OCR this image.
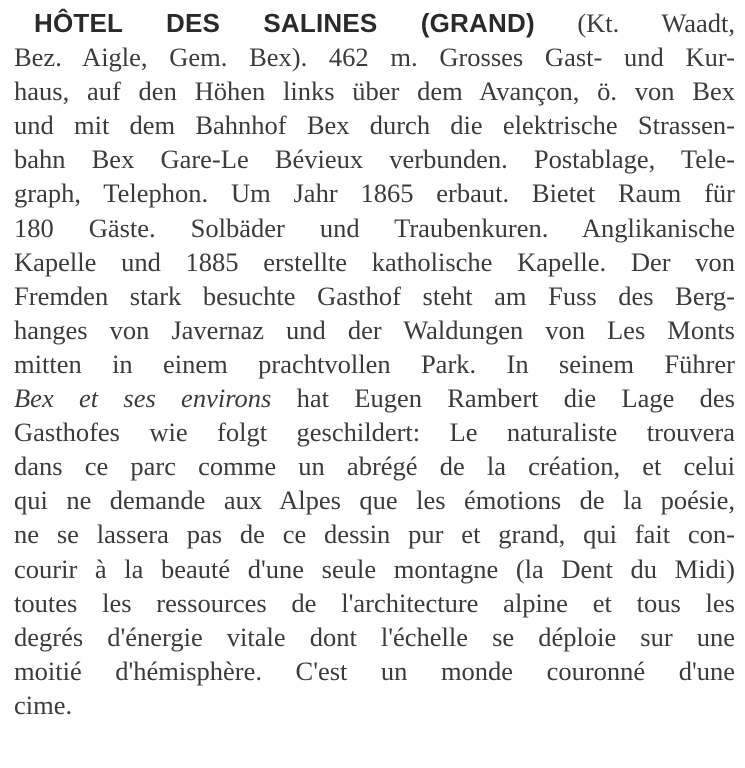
HÔTEL DES SALINES (GRAND) (Kt. Waadt,
Bez. Aigle, Gem. Bex). 462 m. Grosses Gast- und Kur-
haus, auf den Höhen links über dem Avançon, ö. von Bex
und mit dem Bahnhof Bex durch die elektrische Strassen-
bahn Bex Gare-Le Bévieux verbunden. Postablage, Tele-
graph, Telephon. Um Jahr 1865 erbaut. Bietet Raum für
180 Gäste. Solbäder und Traubenkuren. Anglikanische
Kapelle und 1885 erstellte katholische Kapelle. Der von
Fremden stark besuchte Gasthof steht am Fuss des Berg-
hanges von Javernaz und der Waldungen von Les Monts
mitten in einem prachtvollen Park. In seinem Führer
Bex et ses environs hat Eugen Rambert die Lage des
Gasthofes wie folgt geschildert: Le naturaliste trouvera
dans ce parc comme un abrégé de la création, et celui
qui ne demande aux Alpes que les émotions de la poésie,
ne se lassera pas de ce dessin pur et grand, qui fait con-
courir à la beauté d'une seule montagne (la Dent du Midi)
toutes les ressources de l'architecture alpine et tous les
degrés d'énergie vitale dont l'échelle se déploie sur une
moitié d'hémisphère. C'est un monde couronné d'une
cime.
